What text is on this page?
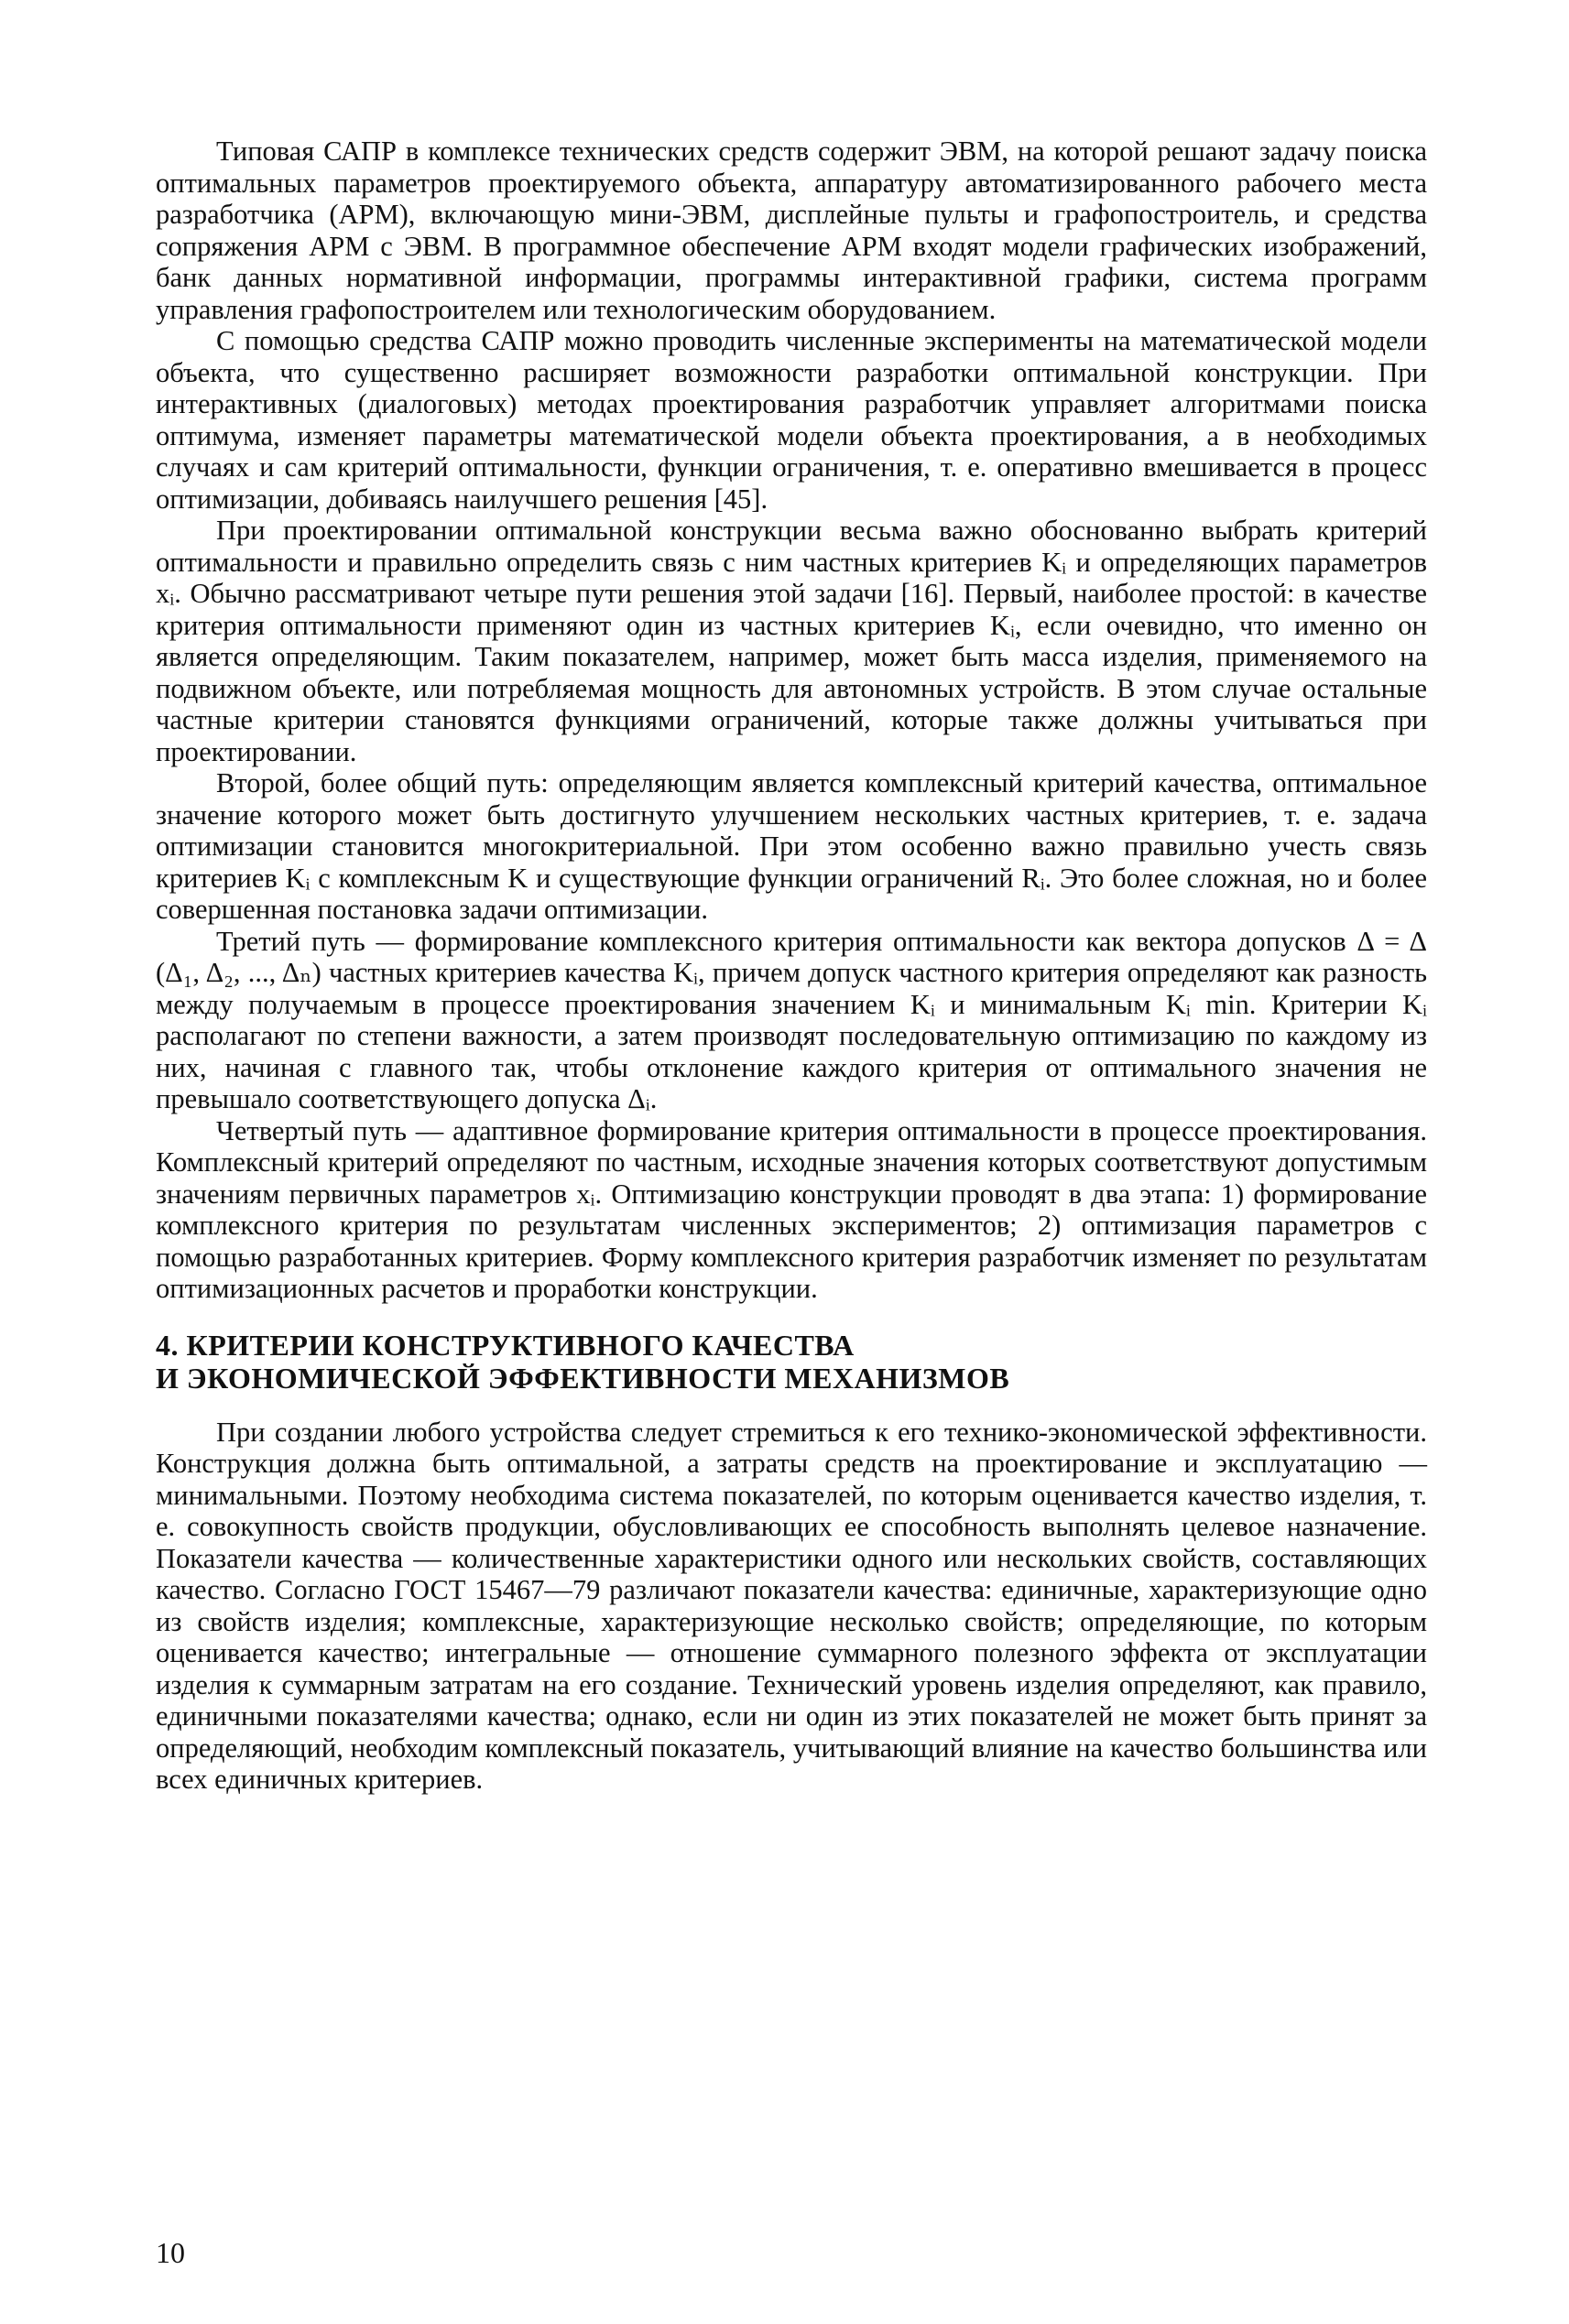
Типовая САПР в комплексе технических средств содержит ЭВМ, на которой решают задачу поиска оптимальных параметров проектируемого объекта, аппаратуру автоматизированного рабочего места разработчика (АРМ), включающую мини-ЭВМ, дисплейные пульты и графопостроитель, и средства сопряжения АРМ с ЭВМ. В программное обеспечение АРМ входят модели графических изображений, банк данных нормативной информации, программы интерактивной графики, система программ управления графопостроителем или технологическим оборудованием.

С помощью средства САПР можно проводить численные эксперименты на математической модели объекта, что существенно расширяет возможности разработки оптимальной конструкции. При интерактивных (диалоговых) методах проектирования разработчик управляет алгоритмами поиска оптимума, изменяет параметры математической модели объекта проектирования, а в необходимых случаях и сам критерий оптимальности, функции ограничения, т. е. оперативно вмешивается в процесс оптимизации, добиваясь наилучшего решения [45].

При проектировании оптимальной конструкции весьма важно обоснованно выбрать критерий оптимальности и правильно определить связь с ним частных критериев Kᵢ и определяющих параметров xᵢ. Обычно рассматривают четыре пути решения этой задачи [16]. Первый, наиболее простой: в качестве критерия оптимальности применяют один из частных критериев Kᵢ, если очевидно, что именно он является определяющим. Таким показателем, например, может быть масса изделия, применяемого на подвижном объекте, или потребляемая мощность для автономных устройств. В этом случае остальные частные критерии становятся функциями ограничений, которые также должны учитываться при проектировании.

Второй, более общий путь: определяющим является комплексный критерий качества, оптимальное значение которого может быть достигнуто улучшением нескольких частных критериев, т. е. задача оптимизации становится многокритериальной. При этом особенно важно правильно учесть связь критериев Kᵢ с комплексным K и существующие функции ограничений Rᵢ. Это более сложная, но и более совершенная постановка задачи оптимизации.

Третий путь — формирование комплексного критерия оптимальности как вектора допусков Δ = Δ (Δ₁, Δ₂, ..., Δₙ) частных критериев качества Kᵢ, причем допуск частного критерия определяют как разность между получаемым в процессе проектирования значением Kᵢ и минимальным Kᵢ min. Критерии Kᵢ располагают по степени важности, а затем производят последовательную оптимизацию по каждому из них, начиная с главного так, чтобы отклонение каждого критерия от оптимального значения не превышало соответствующего допуска Δᵢ.

Четвертый путь — адаптивное формирование критерия оптимальности в процессе проектирования. Комплексный критерий определяют по частным, исходные значения которых соответствуют допустимым значениям первичных параметров xᵢ. Оптимизацию конструкции проводят в два этапа: 1) формирование комплексного критерия по результатам численных экспериментов; 2) оптимизация параметров с помощью разработанных критериев. Форму комплексного критерия разработчик изменяет по результатам оптимизационных расчетов и проработки конструкции.

4. КРИТЕРИИ КОНСТРУКТИВНОГО КАЧЕСТВА
И ЭКОНОМИЧЕСКОЙ ЭФФЕКТИВНОСТИ МЕХАНИЗМОВ

При создании любого устройства следует стремиться к его технико-экономической эффективности. Конструкция должна быть оптимальной, а затраты средств на проектирование и эксплуатацию — минимальными. Поэтому необходима система показателей, по которым оценивается качество изделия, т. е. совокупность свойств продукции, обусловливающих ее способность выполнять целевое назначение. Показатели качества — количественные характеристики одного или нескольких свойств, составляющих качество. Согласно ГОСТ 15467—79 различают показатели качества: единичные, характеризующие одно из свойств изделия; комплексные, характеризующие несколько свойств; определяющие, по которым оценивается качество; интегральные — отношение суммарного полезного эффекта от эксплуатации изделия к суммарным затратам на его создание. Технический уровень изделия определяют, как правило, единичными показателями качества; однако, если ни один из этих показателей не может быть принят за определяющий, необходим комплексный показатель, учитывающий влияние на качество большинства или всех единичных критериев.

10
